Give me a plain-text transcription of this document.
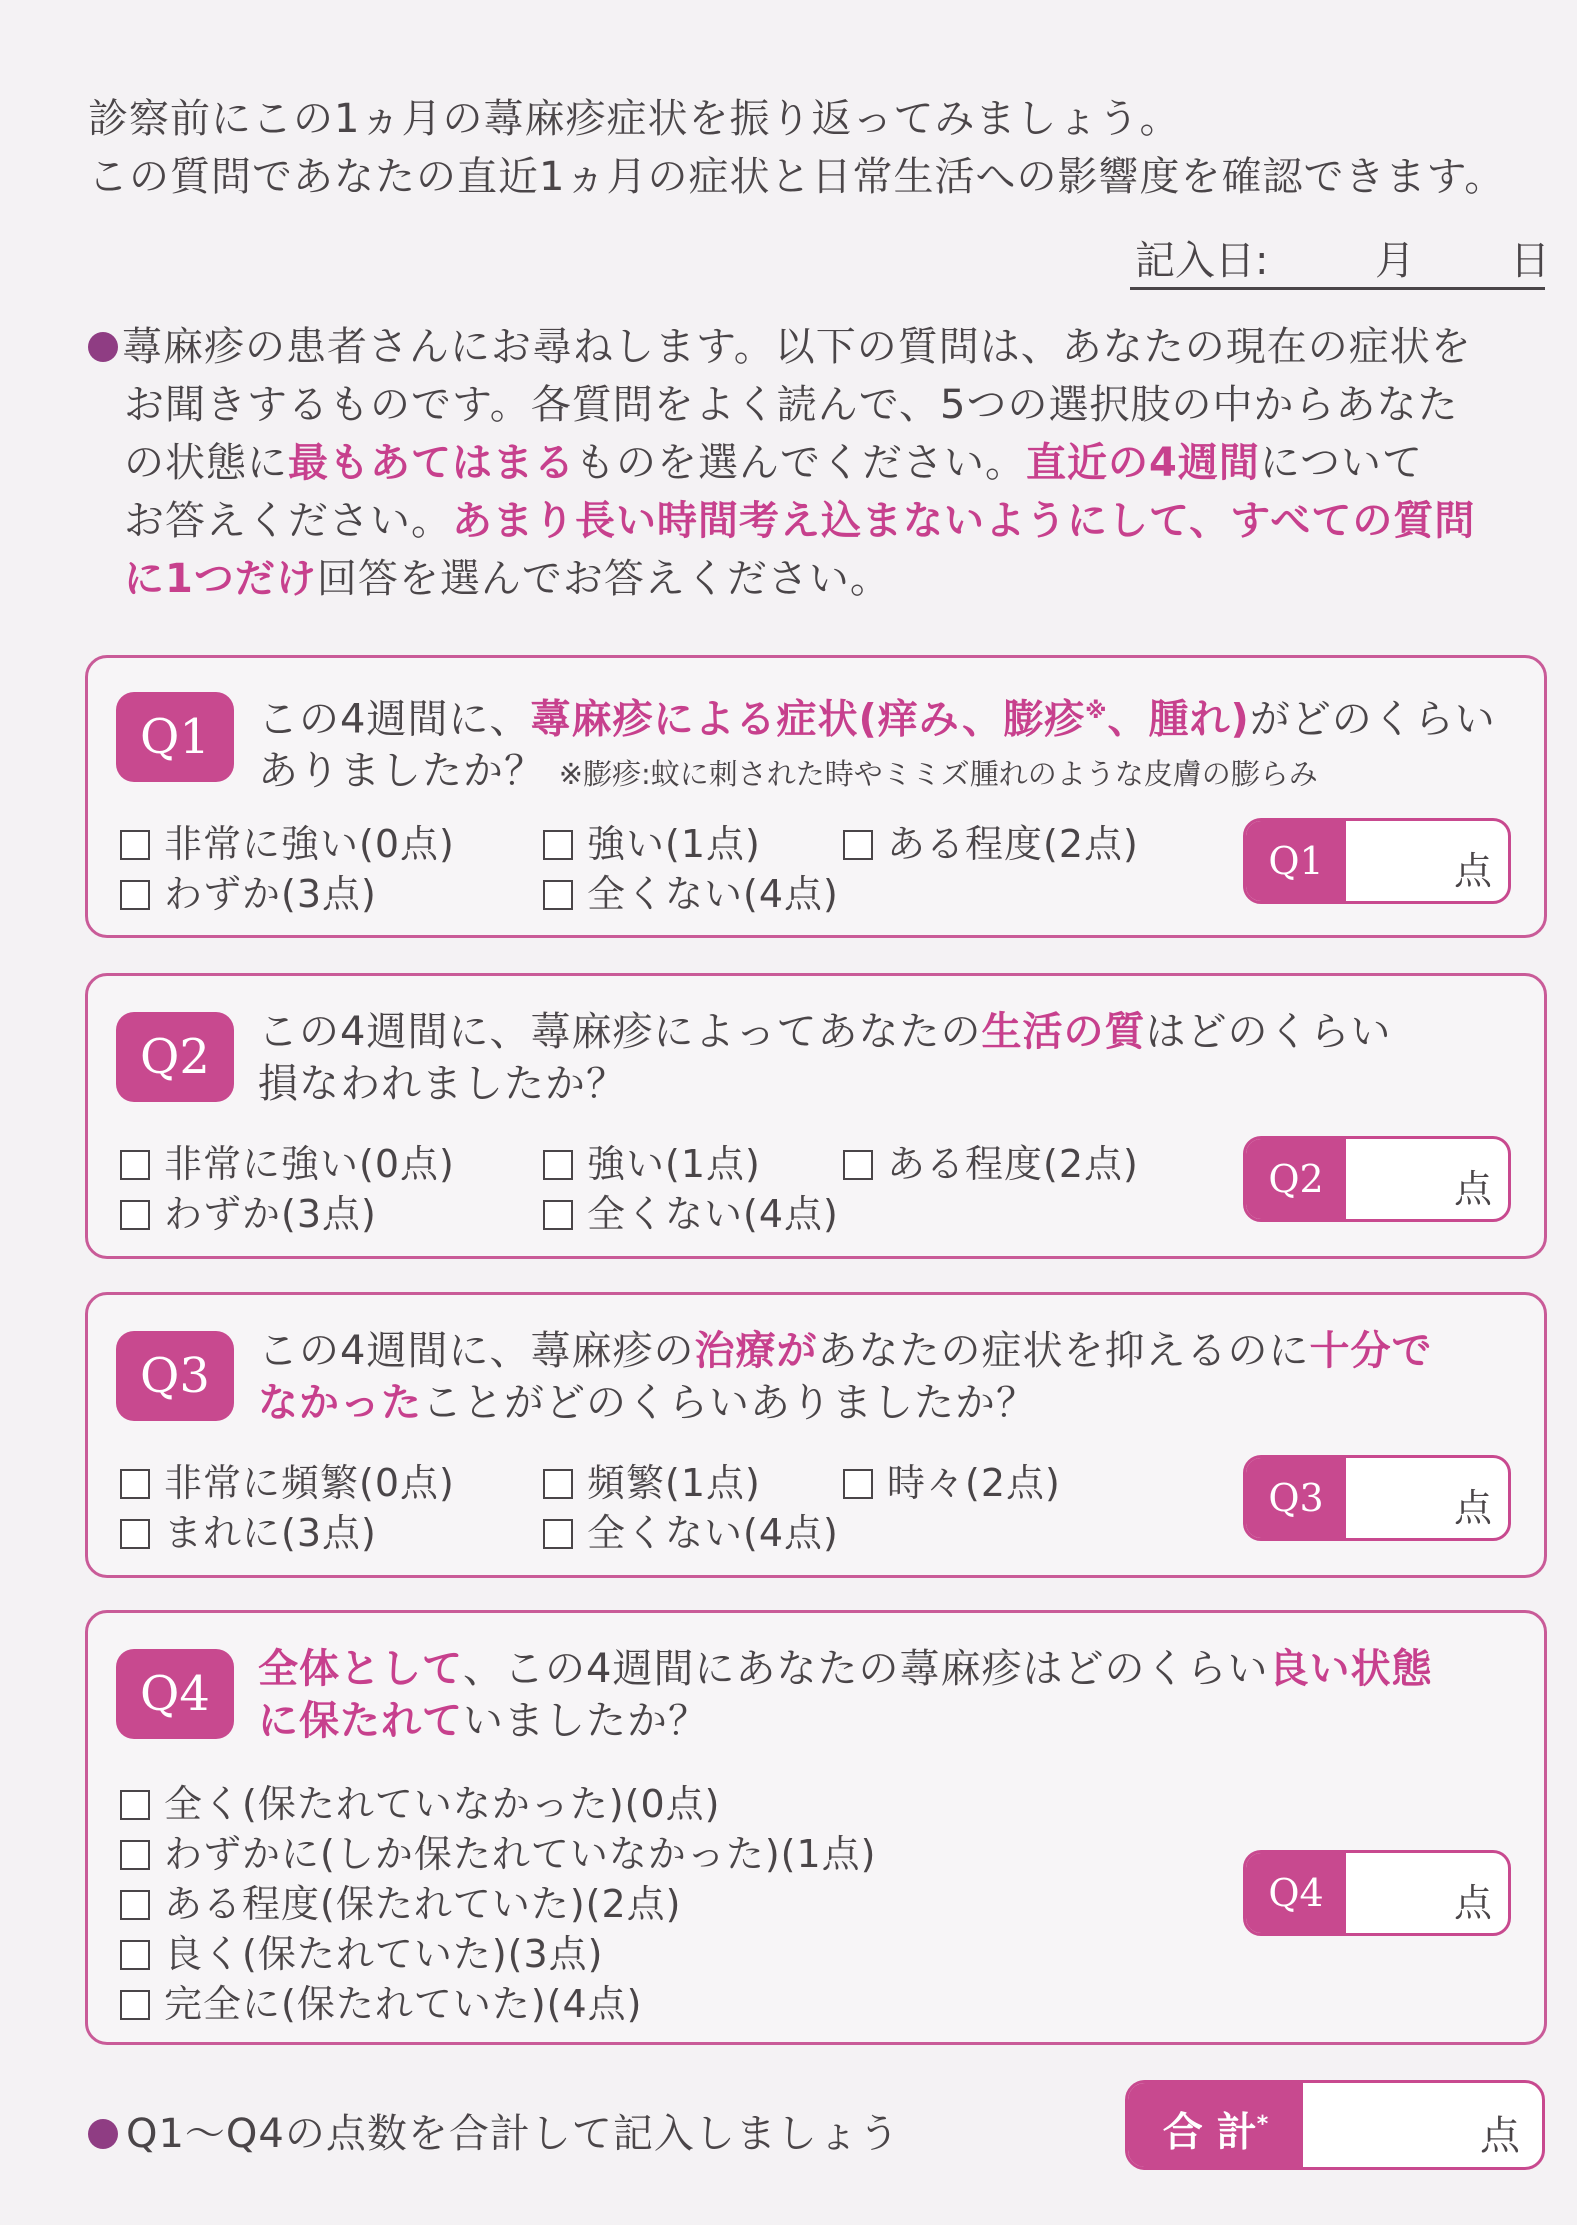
診察前にこの1ヵ月の蕁麻疹症状を振り返ってみましょう。
この質問であなたの直近1ヵ月の症状と日常生活への影響度を確認できます。
記入日:	月 日
蕁麻疹の患者さんにお尋ねします。以下の質問は、あなたの現在の症状を
お聞きするものです。各質問をよく読んで、5つの選択肢の中からあなた
の状態に最もあてはまるものを選んでください。直近の4週間について
お答えください。あまり長い時間考え込まないようにして、すべての質問
に1つだけ回答を選んでお答えください。
Q1	この4週間に、蕁麻疹による症状(痒み、膨疹※、腫れ)がどのくらい
ありましたか？ ※膨疹:蚊に刺された時やミミズ腫れのような皮膚の膨らみ
非常に強い(0点)	強い(1点)	ある程度(2点)
わずか(3点)	全くない(4点)
Q1	点
Q2	この4週間に、蕁麻疹によってあなたの生活の質はどのくらい
損なわれましたか？
非常に強い(0点)	強い(1点)	ある程度(2点)
わずか(3点)	全くない(4点)
Q2	点
Q3	この4週間に、蕁麻疹の治療があなたの症状を抑えるのに十分で
なかったことがどのくらいありましたか？
非常に頻繁(0点)	頻繁(1点)	時々(2点)
まれに(3点)	全くない(4点)
Q3	点
Q4	全体として、この4週間にあなたの蕁麻疹はどのくらい良い状態
に保たれていましたか？
全く(保たれていなかった)(0点)
わずかに(しか保たれていなかった)(1点)
ある程度(保たれていた)(2点)
良く(保たれていた)(3点)
完全に(保たれていた)(4点)
Q4	点
Q1～Q4の点数を合計して記入しましょう	合 計*	点
